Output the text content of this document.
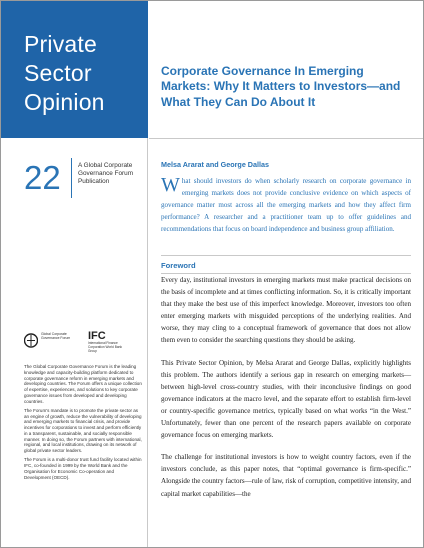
Private
Sector
Opinion
22	A Global Corporate Governance Forum Publication
Global Corporate Governance Forum	IFC
International Finance Corporation World Bank Group

The Global Corporate Governance Forum is the leading knowledge and capacity-building platform dedicated to corporate governance reform in emerging markets and developing countries. The Forum offers a unique collection of expertise, experiences, and solutions to key corporate governance issues from developed and developing countries.

The Forum's mandate is to promote the private sector as an engine of growth, reduce the vulnerability of developing and emerging markets to financial crisis, and provide incentives for corporations to invest and perform efficiently in a transparent, sustainable, and socially responsible manner. In doing so, the Forum partners with international, regional, and local institutions, drawing on its network of global private sector leaders.

The Forum is a multi-donor trust fund facility located within IFC, co-founded in 1999 by the World Bank and the Organisation for Economic Co-operation and Development (OECD).

Corporate Governance In Emerging Markets: Why It Matters to Investors—and What They Can Do About It
Melsa Ararat and George Dallas
What should investors do when scholarly research on corporate governance in emerging markets does not provide conclusive evidence on which aspects of governance matter most across all the emerging markets and how they affect firm performance? A researcher and a practitioner team up to offer guidelines and recommendations that focus on board independence and business group affiliation.
Foreword

Every day, institutional investors in emerging markets must make practical decisions on the basis of incomplete and at times conflicting information. So, it is critically important that they make the best use of this imperfect knowledge. Moreover, investors too often enter emerging markets with misguided perceptions of the underlying realities. And worse, they may cling to a conceptual framework of governance that does not allow them even to consider the searching questions they should be asking.

This Private Sector Opinion, by Melsa Ararat and George Dallas, explicitly highlights this problem. The authors identify a serious gap in research on emerging markets—between high-level cross-country studies, with their inconclusive findings on good governance indicators at the macro level, and the separate effort to establish firm-level or country-specific governance metrics, typically based on what works “in the West.” Unfortunately, fewer than one percent of the research papers available on corporate governance focus on emerging markets.

The challenge for institutional investors is how to weight country factors, even if the investors conclude, as this paper notes, that “optimal governance is firm-specific.” Alongside the country factors—rule of law, risk of corruption, competitive intensity, and capital market capabilities—the
